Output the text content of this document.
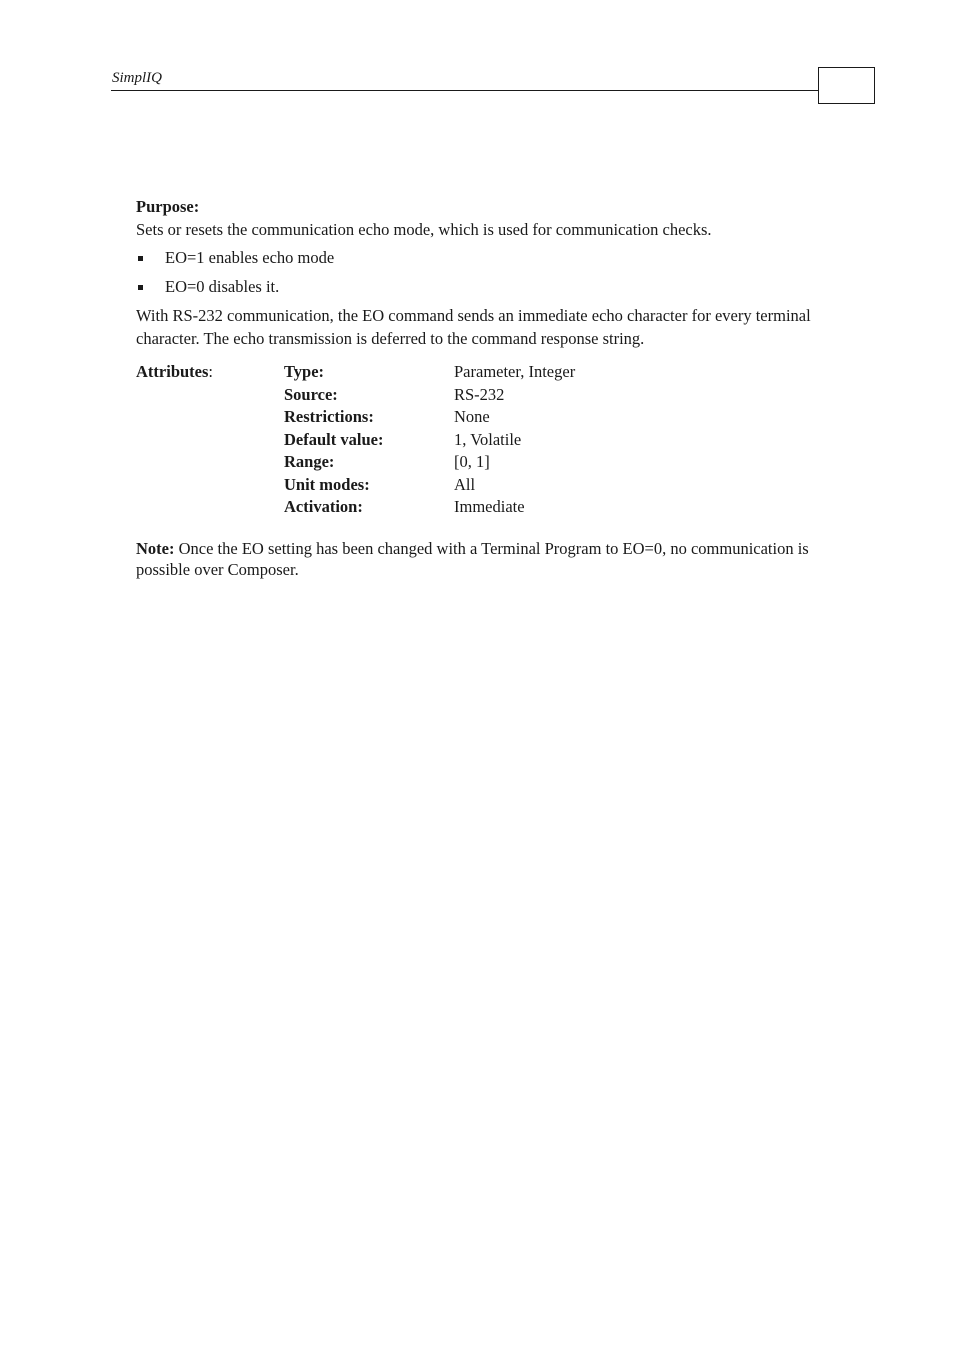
SimplIQ

Purpose:

Sets or resets the communication echo mode, which is used for communication checks.

EO=1 enables echo mode
EO=0 disables it.

With RS-232 communication, the EO command sends an immediate echo character for every terminal character. The echo transmission is deferred to the command response string.

Attributes:	Type:	Parameter, Integer
	Source:	RS-232
	Restrictions:	None
	Default value:	1, Volatile
	Range:	[0, 1]
	Unit modes:	All
	Activation:	Immediate

Note: Once the EO setting has been changed with a Terminal Program to EO=0, no communication is possible over Composer.
